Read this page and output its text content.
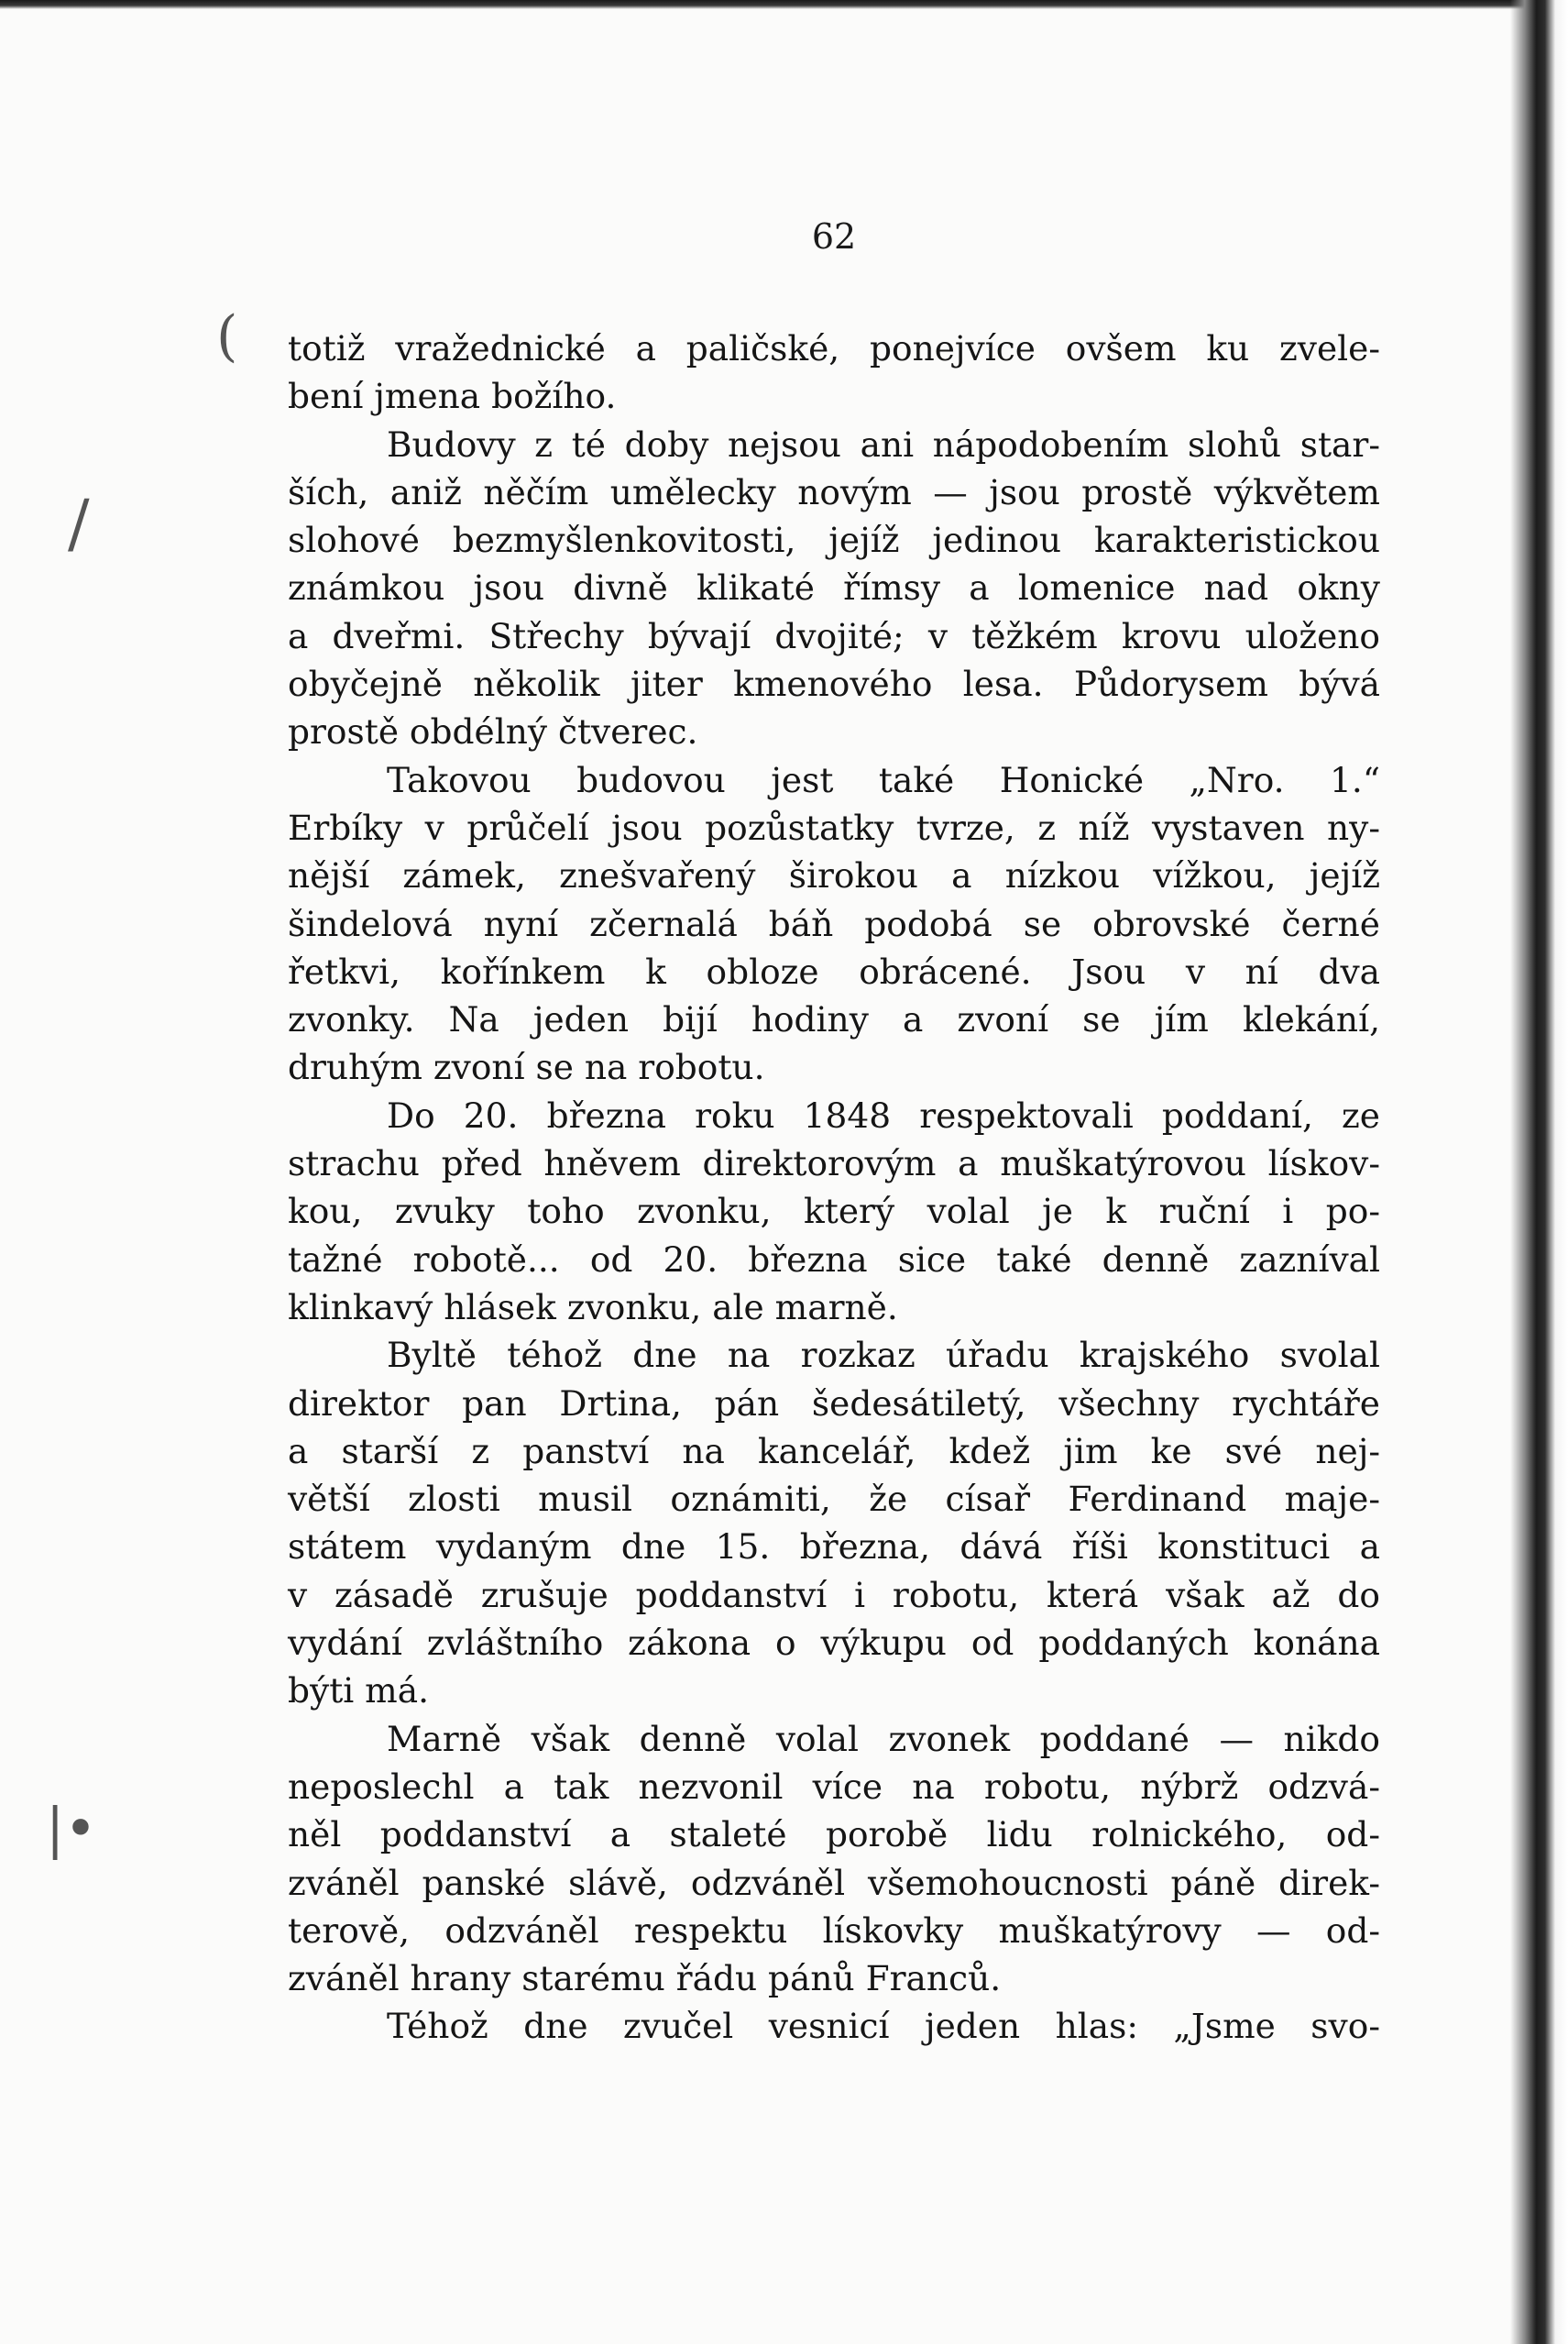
(
/
|•
62
totiž vražednické a paličské, ponejvíce ovšem ku zvele-
bení jmena božího.
Budovy z té doby nejsou ani nápodobením slohů star-
ších, aniž něčím umělecky novým — jsou prostě výkvětem
slohové bezmyšlenkovitosti, jejíž jedinou karakteristickou
známkou jsou divně klikaté římsy a lomenice nad okny
a dveřmi. Střechy bývají dvojité; v těžkém krovu uloženo
obyčejně několik jiter kmenového lesa. Půdorysem bývá
prostě obdélný čtverec.
Takovou budovou jest také Honické „Nro. 1.“
Erbíky v průčelí jsou pozůstatky tvrze, z níž vystaven ny-
nější zámek, znešvařený širokou a nízkou vížkou, jejíž
šindelová nyní zčernalá báň podobá se obrovské černé
řetkvi, kořínkem k obloze obrácené. Jsou v ní dva
zvonky. Na jeden bijí hodiny a zvoní se jím klekání,
druhým zvoní se na robotu.
Do 20. března roku 1848 respektovali poddaní, ze
strachu před hněvem direktorovým a muškatýrovou lískov-
kou, zvuky toho zvonku, který volal je k ruční i po-
tažné robotě... od 20. března sice také denně zazníval
klinkavý hlásek zvonku, ale marně.
Byltě téhož dne na rozkaz úřadu krajského svolal
direktor pan Drtina, pán šedesátiletý, všechny rychtáře
a starší z panství na kancelář, kdež jim ke své nej-
větší zlosti musil oznámiti, že císař Ferdinand maje-
státem vydaným dne 15. března, dává říši konstituci a
v zásadě zrušuje poddanství i robotu, která však až do
vydání zvláštního zákona o výkupu od poddaných konána
býti má.
Marně však denně volal zvonek poddané — nikdo
neposlechl a tak nezvonil více na robotu, nýbrž odzvá-
něl poddanství a staleté porobě lidu rolnického, od-
zváněl panské slávě, odzváněl všemohoucnosti páně direk-
terově, odzváněl respektu lískovky muškatýrovy — od-
zváněl hrany starému řádu pánů Franců.
Téhož dne zvučel vesnicí jeden hlas: „Jsme svo-
